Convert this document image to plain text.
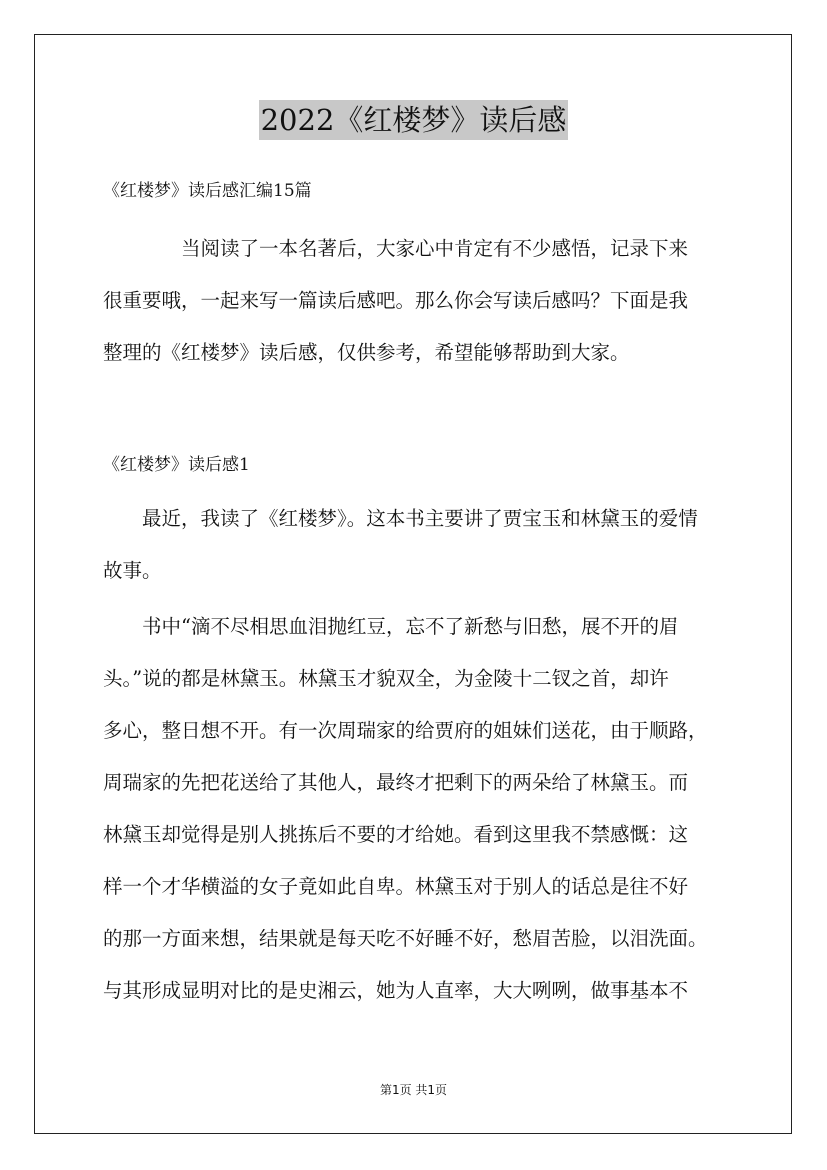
2022《红楼梦》读后感
《红楼梦》读后感汇编15篇
当阅读了一本名著后，大家心中肯定有不少感悟，记录下来
很重要哦，一起来写一篇读后感吧。那么你会写读后感吗？下面是我
整理的《红楼梦》读后感，仅供参考，希望能够帮助到大家。
《红楼梦》读后感1
最近，我读了《红楼梦》。这本书主要讲了贾宝玉和林黛玉的爱情
故事。
书中“滴不尽相思血泪抛红豆，忘不了新愁与旧愁，展不开的眉
头。”说的都是林黛玉。林黛玉才貌双全，为金陵十二钗之首，却许
多心，整日想不开。有一次周瑞家的给贾府的姐妹们送花，由于顺路，
周瑞家的先把花送给了其他人，最终才把剩下的两朵给了林黛玉。而
林黛玉却觉得是别人挑拣后不要的才给她。看到这里我不禁感慨：这
样一个才华横溢的女子竟如此自卑。林黛玉对于别人的话总是往不好
的那一方面来想，结果就是每天吃不好睡不好，愁眉苦脸，以泪洗面。
与其形成显明对比的是史湘云，她为人直率，大大咧咧，做事基本不
第1页 共1页
